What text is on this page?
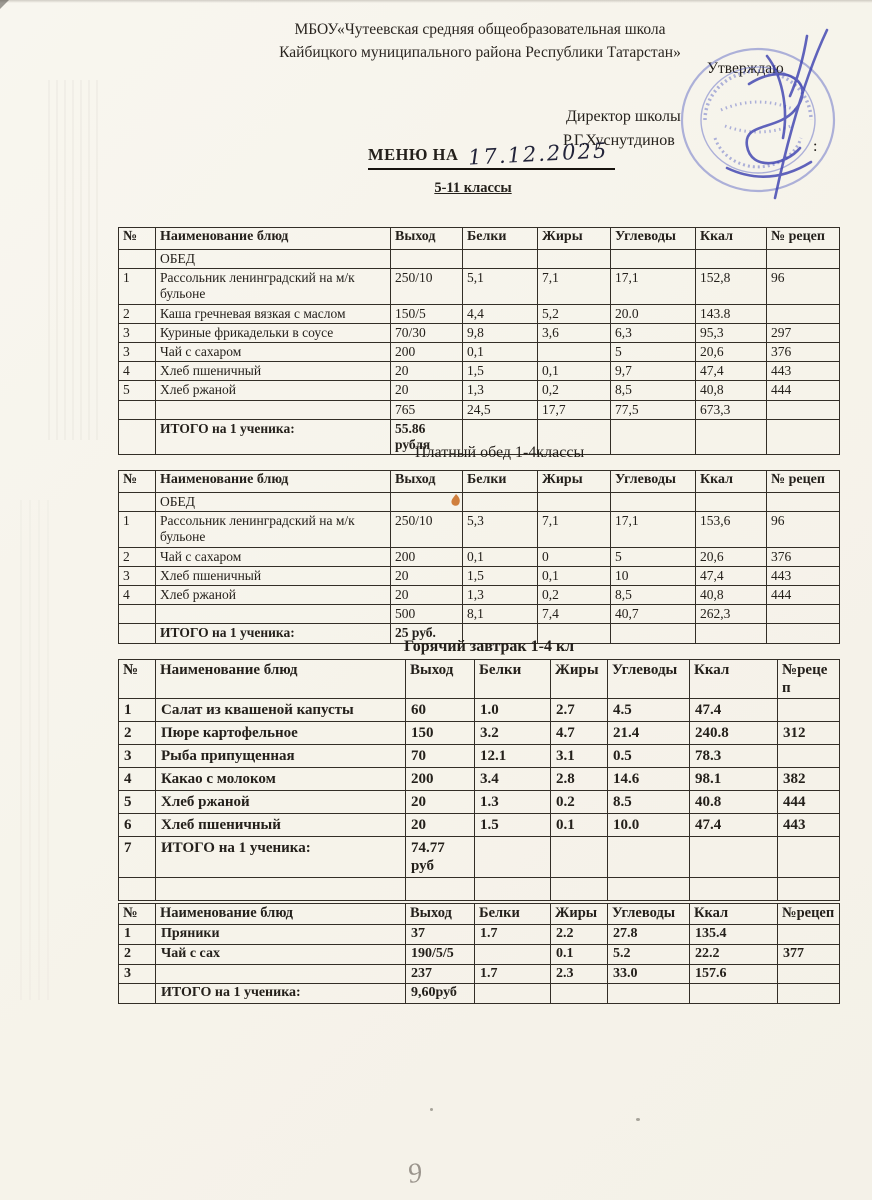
МБОУ«Чутеевская средняя общеобразовательная школа
Кайбицкого муниципального района Республики Татарстан»
Утверждаю
Директор школы
Р.Г.Хуснутдинов	:
МЕНЮ НА 17.12.2025
5-11 классы
№	Наименование блюд	Выход	Белки	Жиры	Углеводы	Ккал	№ рецеп
	ОБЕД						
1	Рассольник ленинградский на м/к бульоне	250/10	5,1	7,1	17,1	152,8	96
2	Каша гречневая вязкая с маслом	150/5	4,4	5,2	20.0	143.8	
3	Куриные фрикадельки в соусе	70/30	9,8	3,6	6,3	95,3	297
3	Чай с сахаром	200	0,1		5	20,6	376
4	Хлеб пшеничный	20	1,5	0,1	9,7	47,4	443
5	Хлеб ржаной	20	1,3	0,2	8,5	40,8	444
		765	24,5	17,7	77,5	673,3	
	ИТОГО на 1 ученика:	55.86 рубля					
Платный обед 1-4классы
№	Наименование блюд	Выход	Белки	Жиры	Углеводы	Ккал	№ рецеп
	ОБЕД						
1	Рассольник ленинградский на м/к бульоне	250/10	5,3	7,1	17,1	153,6	96
2	Чай с сахаром	200	0,1	0	5	20,6	376
3	Хлеб пшеничный	20	1,5	0,1	10	47,4	443
4	Хлеб ржаной	20	1,3	0,2	8,5	40,8	444
		500	8,1	7,4	40,7	262,3	
	ИТОГО на 1 ученика:	25 руб.					
Горячий завтрак 1-4 кл
№	Наименование блюд	Выход	Белки	Жиры	Углеводы	Ккал	№рецеп
1	Салат из квашеной капусты	60	1.0	2.7	4.5	47.4	
2	Пюре картофельное	150	3.2	4.7	21.4	240.8	312
3	Рыба припущенная	70	12.1	3.1	0.5	78.3	
4	Какао с молоком	200	3.4	2.8	14.6	98.1	382
5	Хлеб ржаной	20	1.3	0.2	8.5	40.8	444
6	Хлеб пшеничный	20	1.5	0.1	10.0	47.4	443
7	ИТОГО на 1 ученика:	74.77 руб					

№	Наименование блюд	Выход	Белки	Жиры	Углеводы	Ккал	№рецеп
1	Пряники	37	1.7	2.2	27.8	135.4	
2	Чай с сах	190/5/5		0.1	5.2	22.2	377
3		237	1.7	2.3	33.0	157.6	
	ИТОГО на 1 ученика:	9,60руб					
9
